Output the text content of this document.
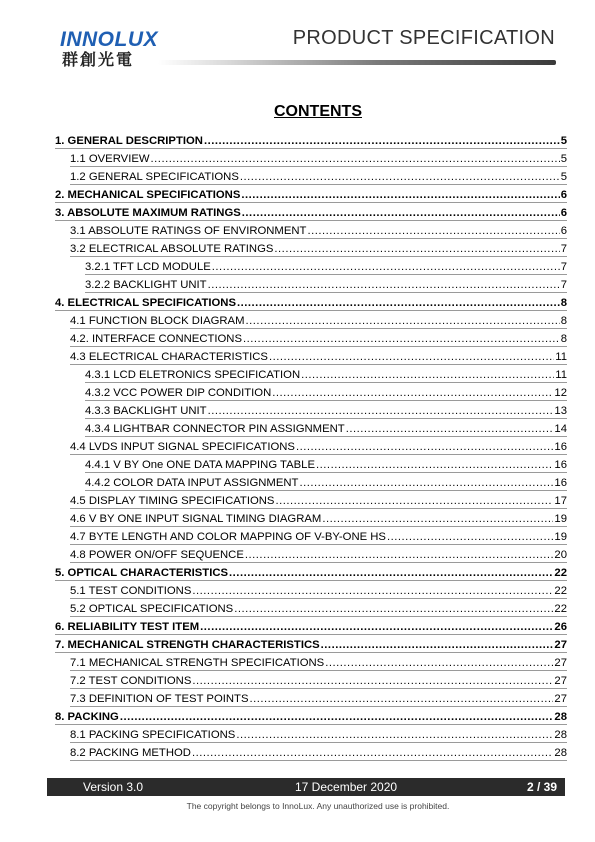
INNOLUX
群創光電
PRODUCT SPECIFICATION
CONTENTS
1. GENERAL DESCRIPTION .....	5
1.1 OVERVIEW .....	5
1.2 GENERAL SPECIFICATIONS .....	5
2. MECHANICAL SPECIFICATIONS .....	6
3. ABSOLUTE MAXIMUM RATINGS .....	6
3.1 ABSOLUTE RATINGS OF ENVIRONMENT .....	6
3.2 ELECTRICAL ABSOLUTE RATINGS .....	7
3.2.1 TFT LCD MODULE .....	7
3.2.2 BACKLIGHT UNIT .....	7
4. ELECTRICAL SPECIFICATIONS .....	8
4.1 FUNCTION BLOCK DIAGRAM .....	8
4.2. INTERFACE CONNECTIONS .....	8
4.3 ELECTRICAL CHARACTERISTICS .....	11
4.3.1 LCD ELETRONICS SPECIFICATION .....	11
4.3.2 VCC POWER DIP CONDITION .....	12
4.3.3 BACKLIGHT UNIT .....	13
4.3.4 LIGHTBAR CONNECTOR PIN ASSIGNMENT .....	14
4.4 LVDS INPUT SIGNAL SPECIFICATIONS .....	16
4.4.1 V BY One ONE DATA MAPPING TABLE .....	16
4.4.2 COLOR DATA INPUT ASSIGNMENT .....	16
4.5 DISPLAY TIMING SPECIFICATIONS .....	17
4.6 V BY ONE INPUT SIGNAL TIMING DIAGRAM .....	19
4.7 BYTE LENGTH AND COLOR MAPPING OF V-BY-ONE HS .....	19
4.8 POWER ON/OFF SEQUENCE .....	20
5. OPTICAL CHARACTERISTICS .....	22
5.1 TEST CONDITIONS .....	22
5.2 OPTICAL SPECIFICATIONS .....	22
6. RELIABILITY TEST ITEM .....	26
7. MECHANICAL STRENGTH CHARACTERISTICS .....	27
7.1 MECHANICAL STRENGTH SPECIFICATIONS .....	27
7.2 TEST CONDITIONS .....	27
7.3 DEFINITION OF TEST POINTS .....	27
8. PACKING .....	28
8.1 PACKING SPECIFICATIONS .....	28
8.2 PACKING METHOD .....	28
Version 3.0	17 December 2020	2 / 39
The copyright belongs to InnoLux. Any unauthorized use is prohibited.
